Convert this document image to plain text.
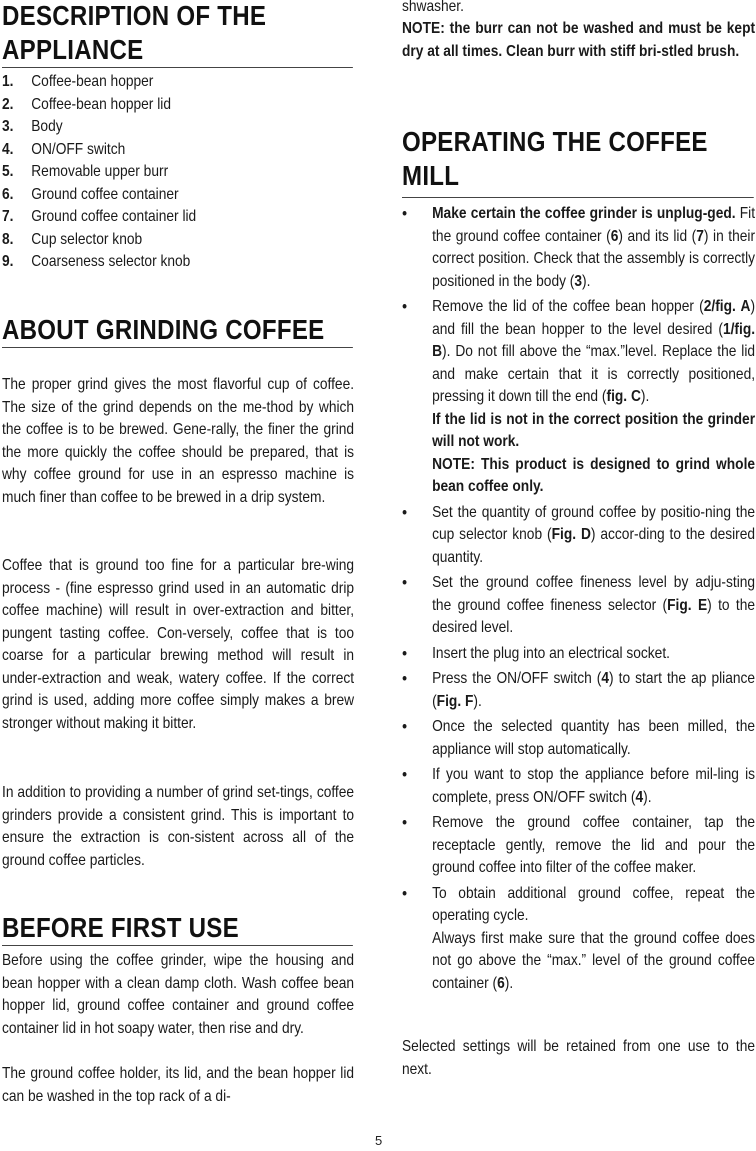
DESCRIPTION OF THE
APPLIANCE
1.	Coffee-bean hopper
2.	Coffee-bean hopper lid
3.	Body
4.	ON/OFF switch
5.	Removable upper burr
6.	Ground coffee container
7.	Ground coffee container lid
8.	Cup selector knob
9.	Coarseness selector knob
ABOUT GRINDING COFFEE

The proper grind gives the most flavorful cup of coffee. The size of the grind depends on the me-thod by which the coffee is to be brewed. Gene-rally, the finer the grind the more quickly the coffee should be prepared, that is why coffee ground for use in an espresso machine is much finer than coffee to be brewed in a drip system.

Coffee that is ground too fine for a particular bre-wing process - (fine espresso grind used in an automatic drip coffee machine) will result in over-extraction and bitter, pungent tasting coffee. Con-versely, coffee that is too coarse for a particular brewing method will result in under-extraction and weak, watery coffee. If the correct grind is used, adding more coffee simply makes a brew stronger without making it bitter.

In addition to providing a number of grind set-tings, coffee grinders provide a consistent grind. This is important to ensure the extraction is con-sistent across all of the ground coffee particles.

BEFORE FIRST USE

Before using the coffee grinder, wipe the housing and bean hopper with a clean damp cloth. Wash coffee bean hopper lid, ground coffee container and ground coffee container lid in hot soapy water, then rise and dry.

The ground coffee holder, its lid, and the bean hopper lid can be washed in the top rack of a di-

shwasher.

NOTE: the burr can not be washed and must be kept dry at all times. Clean burr with stiff bri-stled brush.

OPERATING THE COFFEE
MILL
• Make certain the coffee grinder is unplug-ged. Fit the ground coffee container (6) and its lid (7) in their correct position. Check that the assembly is correctly positioned in the body (3).
• Remove the lid of the coffee bean hopper (2/fig. A) and fill the bean hopper to the level desired (1/fig. B). Do not fill above the “max.”level. Replace the lid and make certain that it is correctly positioned, pressing it down till the end (fig. C).
If the lid is not in the correct position the grinder will not work.
NOTE: This product is designed to grind whole bean coffee only.
• Set the quantity of ground coffee by positio-ning the cup selector knob (Fig. D) accor-ding to the desired quantity.
• Set the ground coffee fineness level by adju-sting the ground coffee fineness selector (Fig. E) to the desired level.
• Insert the plug into an electrical socket.
• Press the ON/OFF switch (4) to start the ap pliance (Fig. F).
• Once the selected quantity has been milled, the appliance will stop automatically.
• If you want to stop the appliance before mil-ling is complete, press ON/OFF switch (4).
• Remove the ground coffee container, tap the receptacle gently, remove the lid and pour the ground coffee into filter of the coffee maker.
• To obtain additional ground coffee, repeat the operating cycle.
Always first make sure that the ground coffee does not go above the “max.” level of the ground coffee container (6).

Selected settings will be retained from one use to the next.

5
